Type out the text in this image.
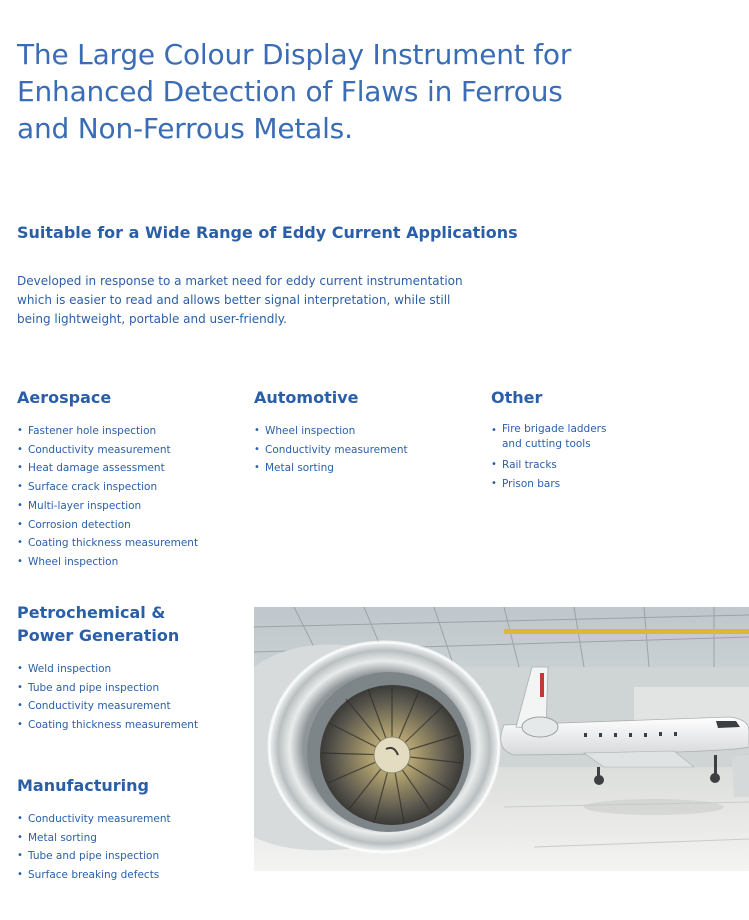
The Large Colour Display Instrument for
Enhanced Detection of Flaws in Ferrous
and Non-Ferrous Metals.
Suitable for a Wide Range of Eddy Current Applications

Developed in response to a market need for eddy current instrumentation
which is easier to read and allows better signal interpretation, while still
being lightweight, portable and user-friendly.

Aerospace
• Fastener hole inspection
• Conductivity measurement
• Heat damage assessment
• Surface crack inspection
• Multi-layer inspection
• Corrosion detection
• Coating thickness measurement
• Wheel inspection
Automotive
• Wheel inspection
• Conductivity measurement
• Metal sorting
Other
• Fire brigade ladders
and cutting tools
• Rail tracks
• Prison bars
Petrochemical &
Power Generation
• Weld inspection
• Tube and pipe inspection
• Conductivity measurement
• Coating thickness measurement
Manufacturing
• Conductivity measurement
• Metal sorting
• Tube and pipe inspection
• Surface breaking defects
